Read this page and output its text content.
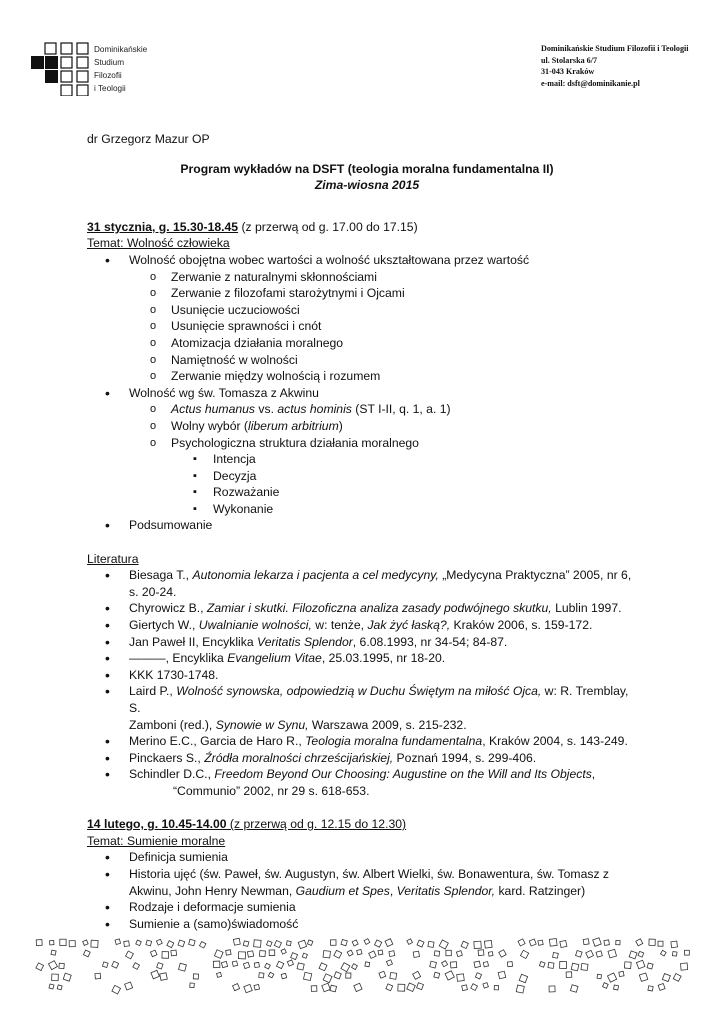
Dominikańskie
Studium
Filozofii
i Teologii
Dominikańskie Studium Filozofii i Teologii
ul. Stolarska 6/7
31-043 Kraków
e-mail: dsft@dominikanie.pl
dr Grzegorz Mazur OP
Program wykładów na DSFT (teologia moralna fundamentalna II)
Zima-wiosna 2015
31 stycznia, g. 15.30-18.45 (z przerwą od g. 17.00 do 17.15)
Temat: Wolność człowieka
• Wolność obojętna wobec wartości a wolność ukształtowana przez wartość
o Zerwanie z naturalnymi skłonnościami
o Zerwanie z filozofami starożytnymi i Ojcami
o Usunięcie uczuciowości
o Usunięcie sprawności i cnót
o Atomizacja działania moralnego
o Namiętność w wolności
o Zerwanie między wolnością i rozumem
• Wolność wg św. Tomasza z Akwinu
o Actus humanus vs. actus hominis (ST I-II, q. 1, a. 1)
o Wolny wybór (liberum arbitrium)
o Psychologiczna struktura działania moralnego
▪ Intencja
▪ Decyzja
▪ Rozważanie
▪ Wykonanie
• Podsumowanie
Literatura
• Biesaga T., Autonomia lekarza i pacjenta a cel medycyny, „Medycyna Praktyczna” 2005, nr 6,
s. 20-24.
• Chyrowicz B., Zamiar i skutki. Filozoficzna analiza zasady podwójnego skutku, Lublin 1997.
• Giertych W., Uwalnianie wolności, w: tenże, Jak żyć łaską?, Kraków 2006, s. 159-172.
• Jan Paweł II, Encyklika Veritatis Splendor, 6.08.1993, nr 34-54; 84-87.
• ———, Encyklika Evangelium Vitae, 25.03.1995, nr 18-20.
• KKK 1730-1748.
• Laird P., Wolność synowska, odpowiedzią w Duchu Świętym na miłość Ojca, w: R. Tremblay, S.
Zamboni (red.), Synowie w Synu, Warszawa 2009, s. 215-232.
• Merino E.C., Garcia de Haro R., Teologia moralna fundamentalna, Kraków 2004, s. 143-249.
• Pinckaers S., Źródła moralności chrześcijańskiej, Poznań 1994, s. 299-406.
• Schindler D.C., Freedom Beyond Our Choosing: Augustine on the Will and Its Objects,
“Communio” 2002, nr 29 s. 618-653.
14 lutego, g. 10.45-14.00 (z przerwą od g. 12.15 do 12.30)
Temat: Sumienie moralne
• Definicja sumienia
• Historia ujęć (św. Paweł, św. Augustyn, św. Albert Wielki, św. Bonawentura, św. Tomasz z Akwinu, John Henry Newman, Gaudium et Spes, Veritatis Splendor, kard. Ratzinger)
• Rodzaje i deformacje sumienia
• Sumienie a (samo)świadomość
